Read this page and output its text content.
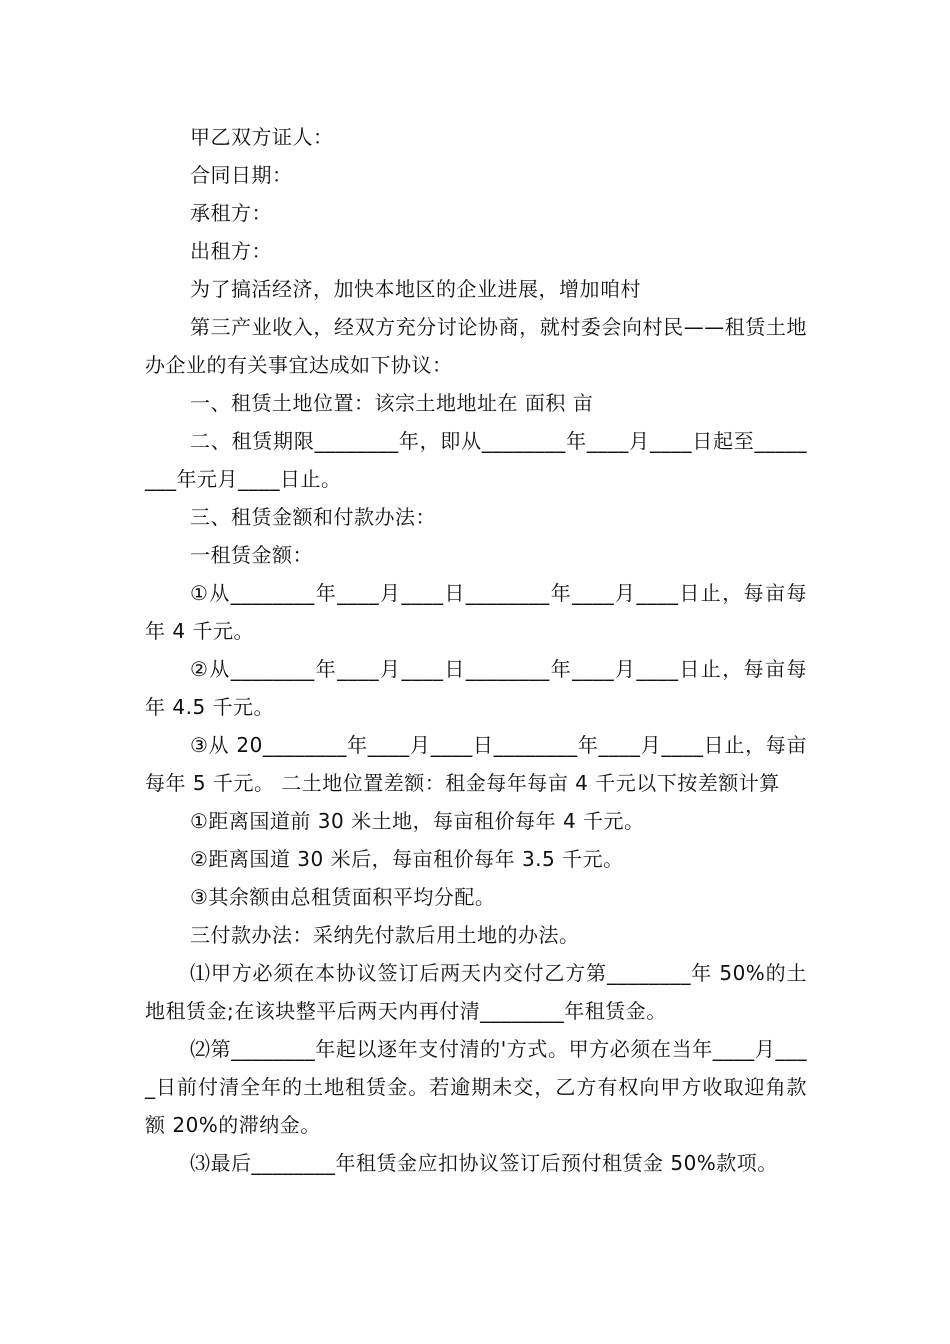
甲乙双方证人：

合同日期：

承租方：

出租方：

为了搞活经济，加快本地区的企业进展，增加咱村

第三产业收入，经双方充分讨论协商，就村委会向村民——租赁土地办企业的有关事宜达成如下协议：

一、租赁土地位置：该宗土地地址在 面积 亩

二、租赁期限________年，即从________年____月____日起至________年元月____日止。

三、租赁金额和付款办法：

一租赁金额：

①从________年____月____日________年____月____日止，每亩每年 4 千元。

②从________年____月____日________年____月____日止，每亩每年 4.5 千元。

③从 20________年____月____日________年____月____日止，每亩每年 5 千元。 二土地位置差额：租金每年每亩 4 千元以下按差额计算

①距离国道前 30 米土地，每亩租价每年 4 千元。

②距离国道 30 米后，每亩租价每年 3.5 千元。

③其余额由总租赁面积平均分配。

三付款办法：采纳先付款后用土地的办法。

⑴甲方必须在本协议签订后两天内交付乙方第________年 50%的土地租赁金;在该块整平后两天内再付清________年租赁金。

⑵第________年起以逐年支付清的'方式。甲方必须在当年____月____日前付清全年的土地租赁金。若逾期未交，乙方有权向甲方收取迎角款额 20%的滞纳金。

⑶最后________年租赁金应扣协议签订后预付租赁金 50%款项。
